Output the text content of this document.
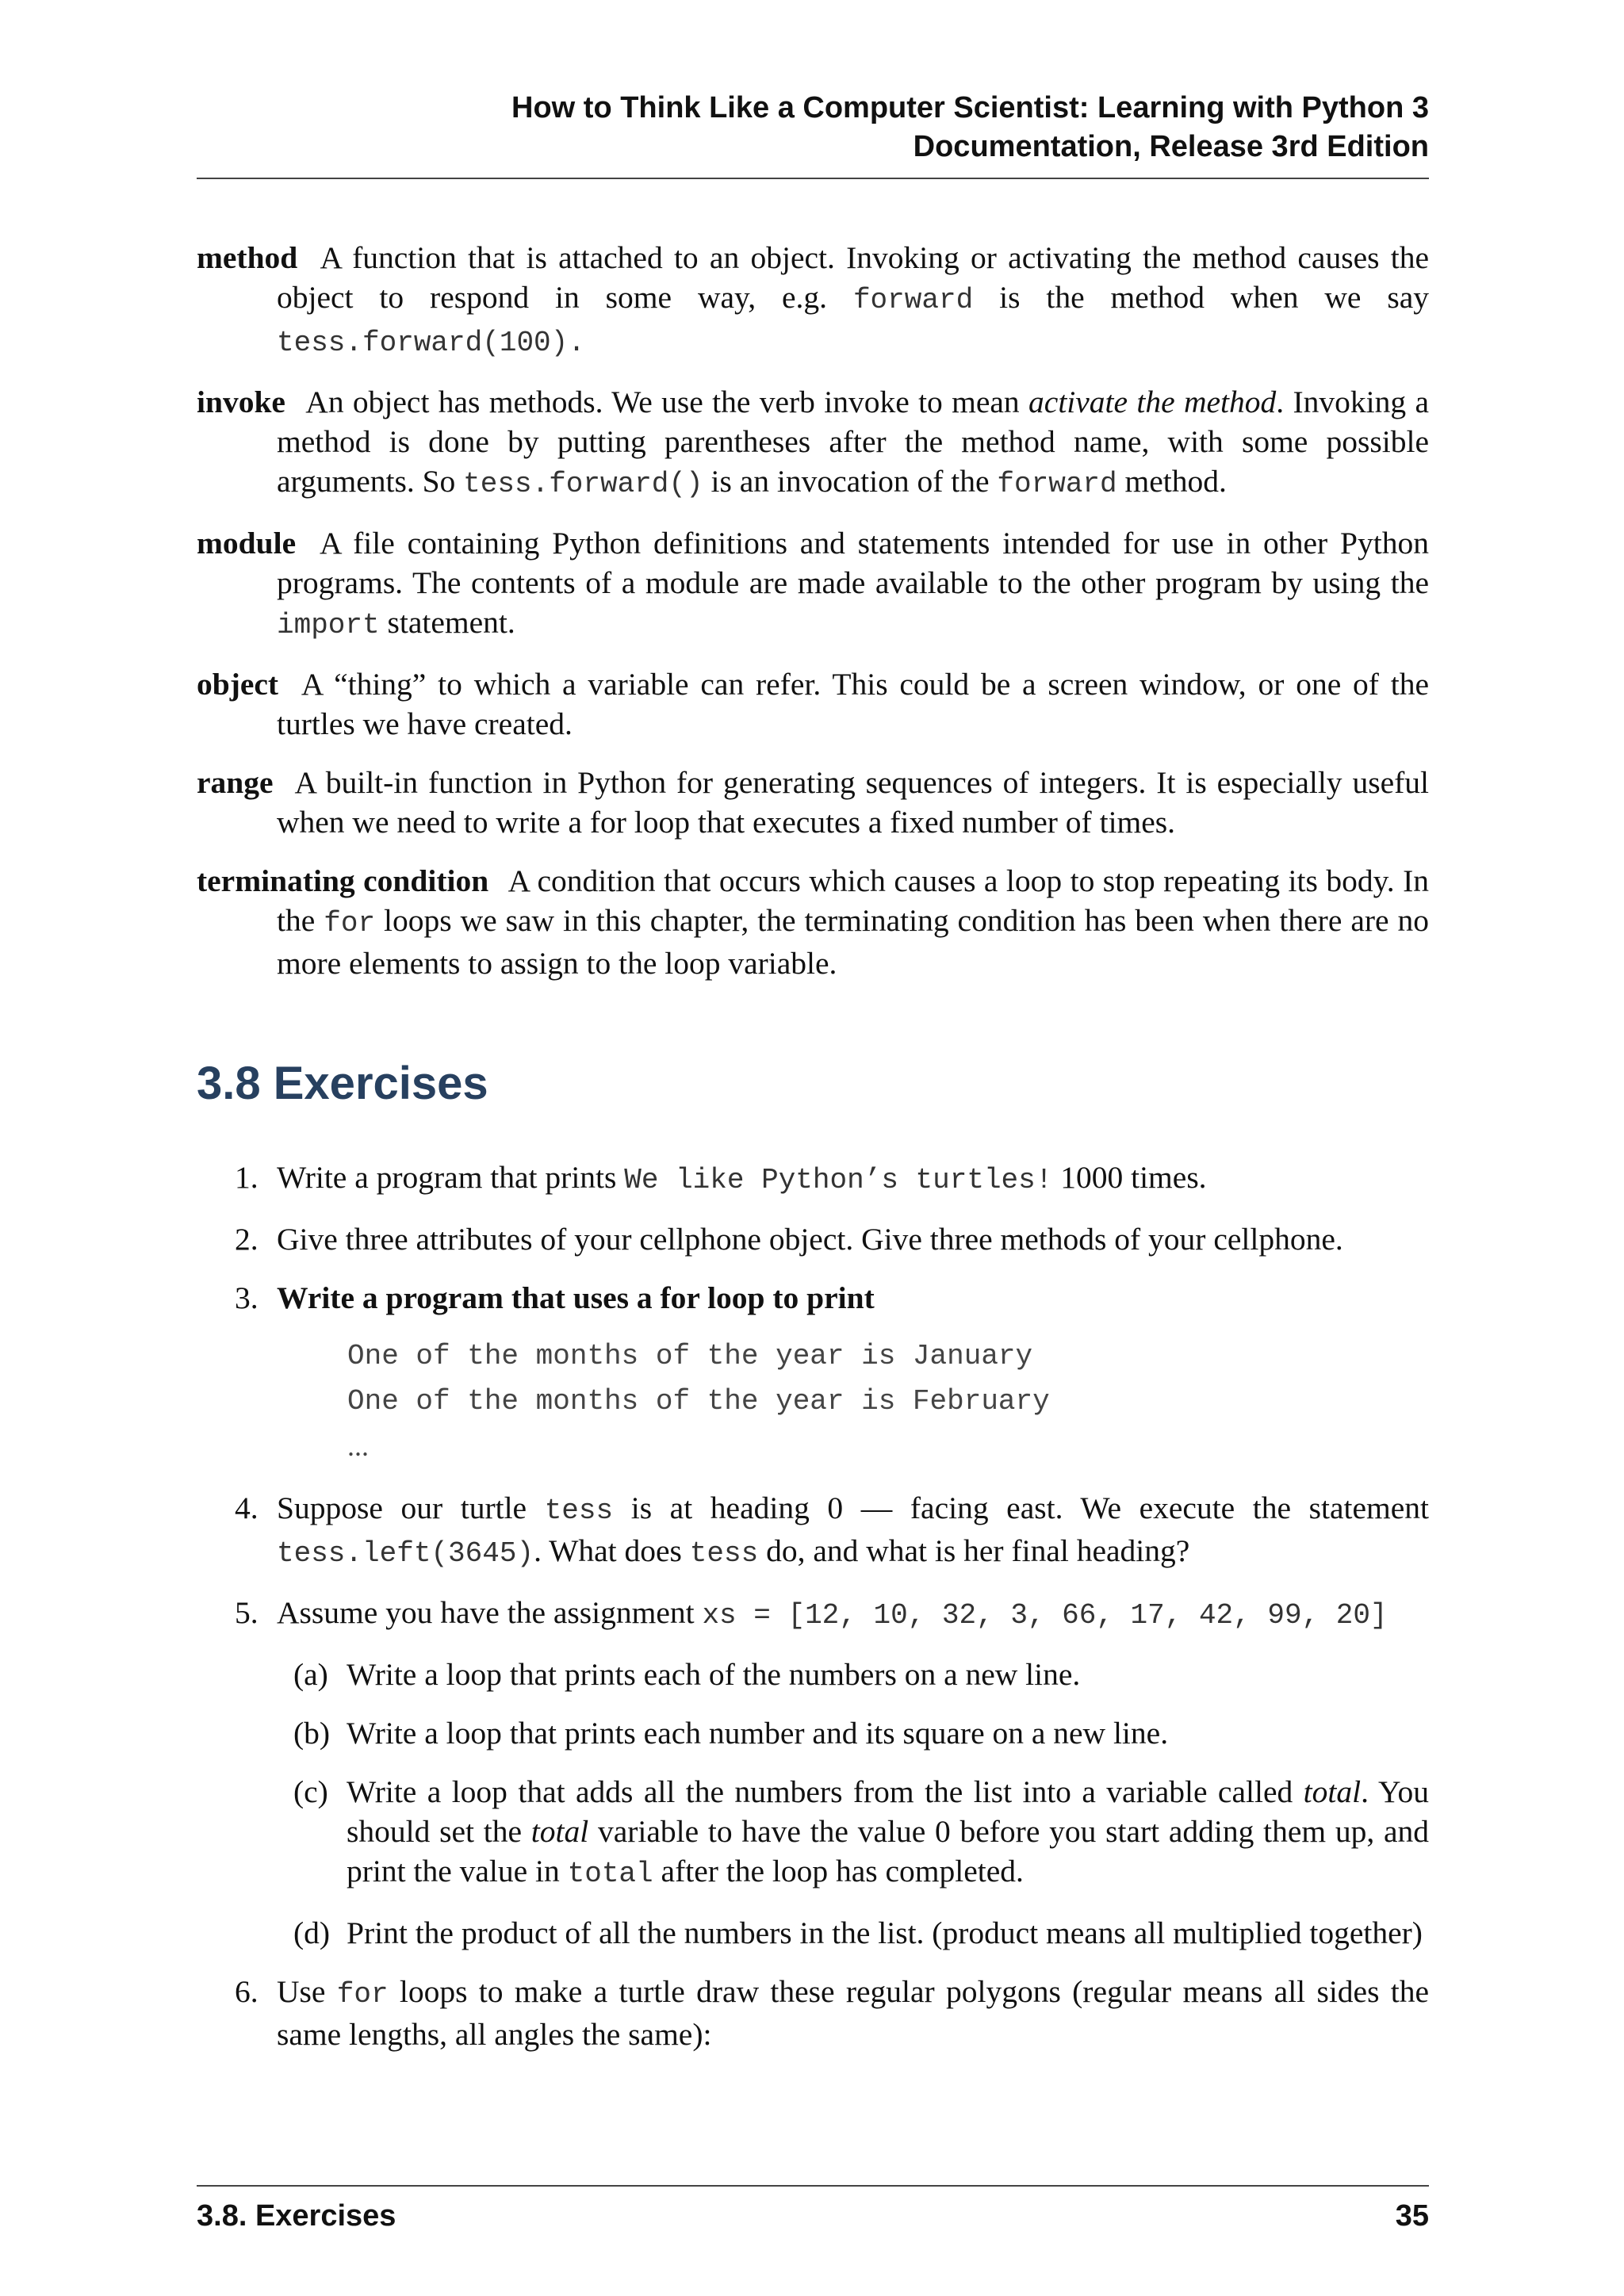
How to Think Like a Computer Scientist: Learning with Python 3
Documentation, Release 3rd Edition
method A function that is attached to an object. Invoking or activating the method causes the object to respond in some way, e.g. forward is the method when we say tess.forward(100).
invoke An object has methods. We use the verb invoke to mean activate the method. Invoking a method is done by putting parentheses after the method name, with some possible arguments. So tess.forward() is an invocation of the forward method.
module A file containing Python definitions and statements intended for use in other Python programs. The contents of a module are made available to the other program by using the import statement.
object A “thing” to which a variable can refer. This could be a screen window, or one of the turtles we have created.
range A built-in function in Python for generating sequences of integers. It is especially useful when we need to write a for loop that executes a fixed number of times.
terminating condition A condition that occurs which causes a loop to stop repeating its body. In the for loops we saw in this chapter, the terminating condition has been when there are no more elements to assign to the loop variable.
3.8 Exercises
1. Write a program that prints We like Python’s turtles! 1000 times.
2. Give three attributes of your cellphone object. Give three methods of your cellphone.
3. Write a program that uses a for loop to print
One of the months of the year is January
One of the months of the year is February
...
4. Suppose our turtle tess is at heading 0 — facing east. We execute the statement tess.left(3645). What does tess do, and what is her final heading?
5. Assume you have the assignment xs = [12, 10, 32, 3, 66, 17, 42, 99, 20]
(a) Write a loop that prints each of the numbers on a new line.
(b) Write a loop that prints each number and its square on a new line.
(c) Write a loop that adds all the numbers from the list into a variable called total. You should set the total variable to have the value 0 before you start adding them up, and print the value in total after the loop has completed.
(d) Print the product of all the numbers in the list. (product means all multiplied together)
6. Use for loops to make a turtle draw these regular polygons (regular means all sides the same lengths, all angles the same):
3.8. Exercises	35
